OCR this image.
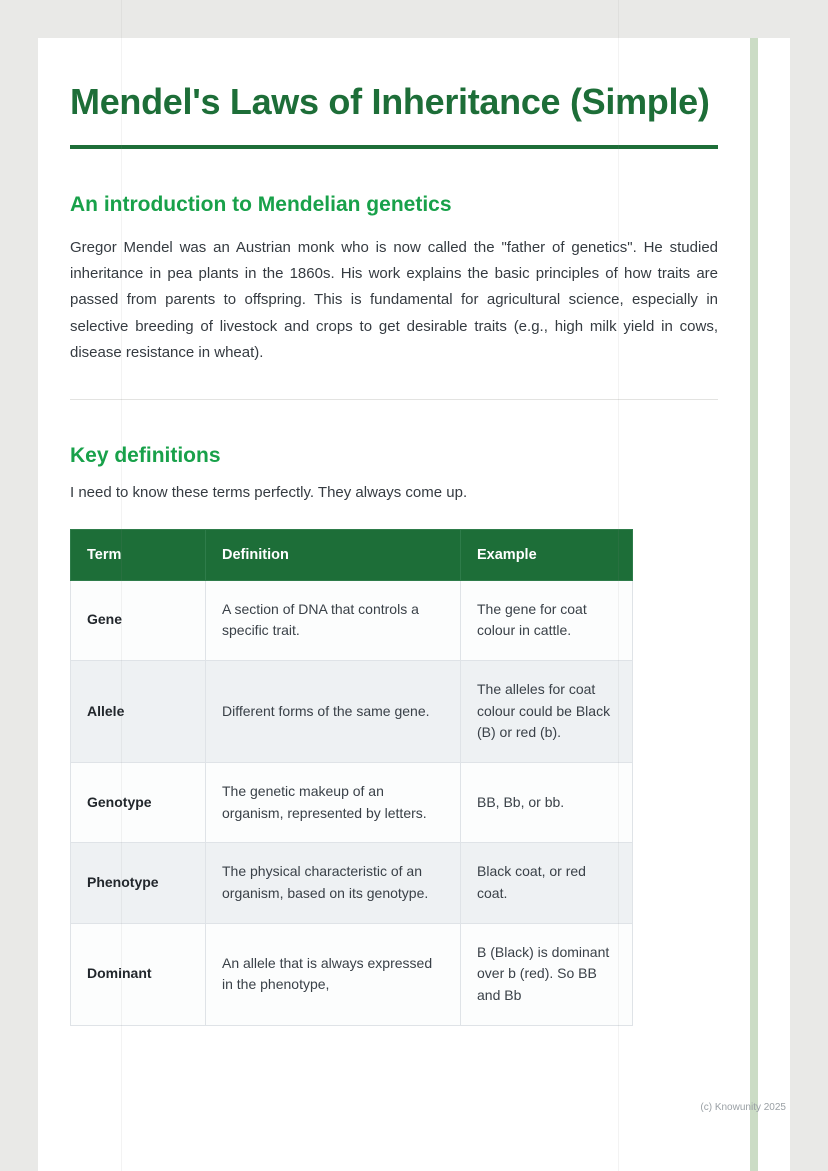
Mendel's Laws of Inheritance (Simple)
An introduction to Mendelian genetics

Gregor Mendel was an Austrian monk who is now called the "father of genetics". He studied inheritance in pea plants in the 1860s. His work explains the basic principles of how traits are passed from parents to offspring. This is fundamental for agricultural science, especially in selective breeding of livestock and crops to get desirable traits (e.g., high milk yield in cows, disease resistance in wheat).

Key definitions

I need to know these terms perfectly. They always come up.

Term	Definition	Example
Gene	A section of DNA that controls a specific trait.	The gene for coat colour in cattle.
Allele	Different forms of the same gene.	The alleles for coat colour could be Black (B) or red (b).
Genotype	The genetic makeup of an organism, represented by letters.	BB, Bb, or bb.
Phenotype	The physical characteristic of an organism, based on its genotype.	Black coat, or red coat.
Dominant	An allele that is always expressed in the phenotype,	B (Black) is dominant over b (red). So BB and Bb
(c) Knowunity 2025
